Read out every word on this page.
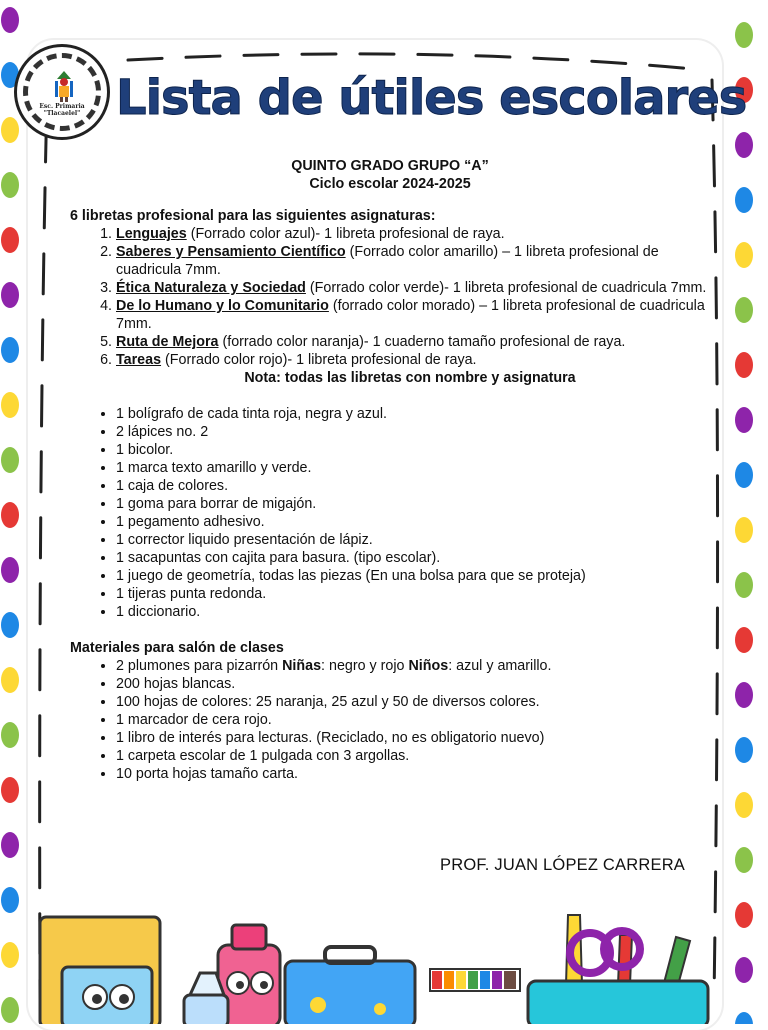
Esc. Primaria "Tlacaelel" Lista de útiles escolares
QUINTO GRADO GRUPO “A”
Ciclo escolar 2024-2025
6 libretas profesional para las siguientes asignaturas:
1. Lenguajes (Forrado color azul)- 1 libreta profesional de raya.
2. Saberes y Pensamiento Científico (Forrado color amarillo) – 1 libreta profesional de cuadricula 7mm.
3. Ética Naturaleza y Sociedad (Forrado color verde)- 1 libreta profesional de cuadricula 7mm.
4. De lo Humano y lo Comunitario (forrado color morado) – 1 libreta profesional de cuadricula 7mm.
5. Ruta de Mejora (forrado color naranja)- 1 cuaderno tamaño profesional de raya.
6. Tareas (Forrado color rojo)- 1 libreta profesional de raya.
Nota: todas las libretas con nombre y asignatura
• 1 bolígrafo de cada tinta roja, negra y azul.
• 2 lápices no. 2
• 1 bicolor.
• 1 marca texto amarillo y verde.
• 1 caja de colores.
• 1 goma para borrar de migajón.
• 1 pegamento adhesivo.
• 1 corrector liquido presentación de lápiz.
• 1 sacapuntas con cajita para basura. (tipo escolar).
• 1 juego de geometría, todas las piezas (En una bolsa para que se proteja)
• 1 tijeras punta redonda.
• 1 diccionario.
Materiales para salón de clases
• 2 plumones para pizarrón Niñas: negro y rojo Niños: azul y amarillo.
• 200 hojas blancas.
• 100 hojas de colores: 25 naranja, 25 azul y 50 de diversos colores.
• 1 marcador de cera rojo.
• 1 libro de interés para lecturas. (Reciclado, no es obligatorio nuevo)
• 1 carpeta escolar de 1 pulgada con 3 argollas.
• 10 porta hojas tamaño carta.
PROF. JUAN LÓPEZ CARRERA
